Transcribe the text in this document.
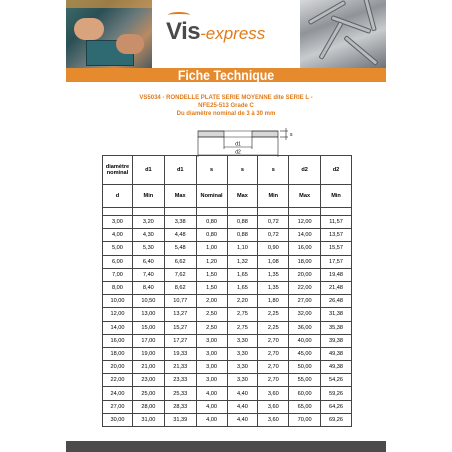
Vis-express
Fiche Technique
VS5034 - RONDELLE PLATE SERIE MOYENNE dite SERIE L -
NFE25-513 Grade C
Du diamètre nominal de 3 à 30 mm
d1
d2
s
diamètre nominal	d1	d1	s	s	s	d2	d2
d	Min	Max	Nominal	Max	Min	Max	Min

3,00	3,20	3,38	0,80	0,88	0,72	12,00	11,57
4,00	4,30	4,48	0,80	0,88	0,72	14,00	13,57
5,00	5,30	5,48	1,00	1,10	0,90	16,00	15,57
6,00	6,40	6,62	1,20	1,32	1,08	18,00	17,57
7,00	7,40	7,62	1,50	1,65	1,35	20,00	19,48
8,00	8,40	8,62	1,50	1,65	1,35	22,00	21,48
10,00	10,50	10,77	2,00	2,20	1,80	27,00	26,48
12,00	13,00	13,27	2,50	2,75	2,25	32,00	31,38
14,00	15,00	15,27	2,50	2,75	2,25	36,00	35,38
16,00	17,00	17,27	3,00	3,30	2,70	40,00	39,38
18,00	19,00	19,33	3,00	3,30	2,70	45,00	49,38
20,00	21,00	21,33	3,00	3,30	2,70	50,00	49,38
22,00	23,00	23,33	3,00	3,30	2,70	55,00	54,26
24,00	25,00	25,33	4,00	4,40	3,60	60,00	59,26
27,00	28,00	28,33	4,00	4,40	3,60	65,00	64,26
30,00	31,00	31,39	4,00	4,40	3,60	70,00	69,26
